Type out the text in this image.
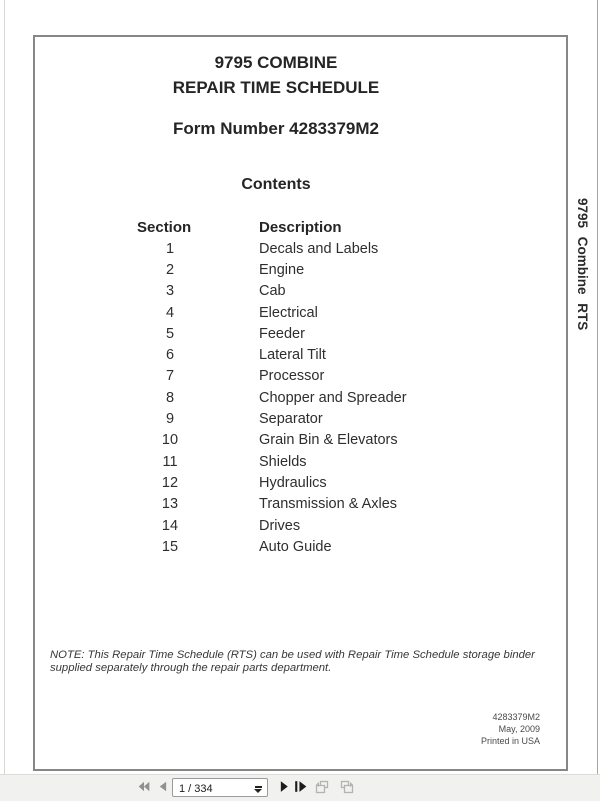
9795 COMBINE
REPAIR TIME SCHEDULE
Form Number 4283379M2
Contents
Section	Description
1	Decals and Labels
2	Engine
3	Cab
4	Electrical
5	Feeder
6	Lateral Tilt
7	Processor
8	Chopper and Spreader
9	Separator
10	Grain Bin & Elevators
11	Shields
12	Hydraulics
13	Transmission & Axles
14	Drives
15	Auto Guide
NOTE: This Repair Time Schedule (RTS) can be used with Repair Time Schedule storage binder
supplied separately through the repair parts department.
4283379M2
May, 2009
Printed in USA
9795 Combine RTS
1 / 334
